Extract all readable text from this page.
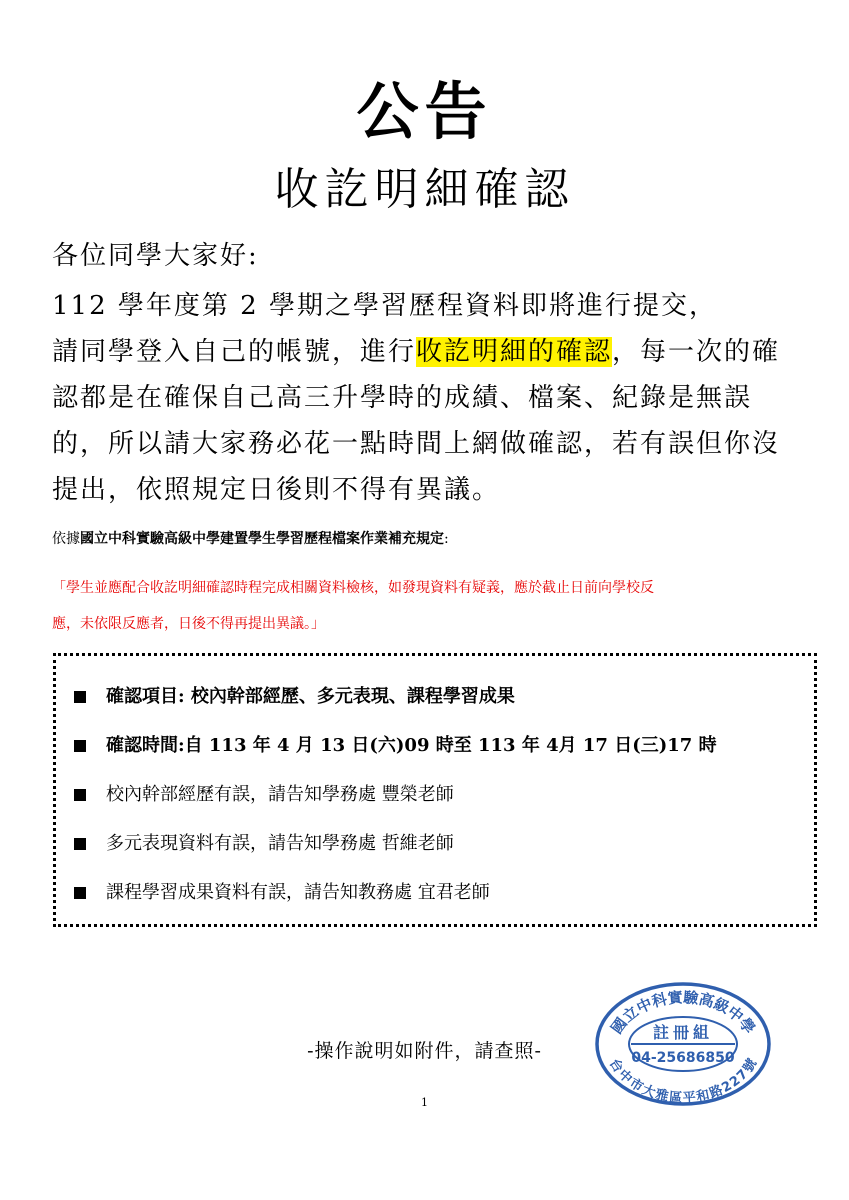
公告
收訖明細確認
各位同學大家好:

112 學年度第 2 學期之學習歷程資料即將進行提交，

請同學登入自己的帳號，進行收訖明細的確認，每一次的確

認都是在確保自己高三升學時的成績、檔案、紀錄是無誤

的，所以請大家務必花一點時間上網做確認，若有誤但你沒

提出，依照規定日後則不得有異議。

依據國立中科實驗高級中學建置學生學習歷程檔案作業補充規定:

「學生並應配合收訖明細確認時程完成相關資料檢核，如發現資料有疑義，應於截止日前向學校反

應，未依限反應者，日後不得再提出異議。」

確認項目: 校內幹部經歷、多元表現、課程學習成果
確認時間:自 113 年 4 月 13 日(六)09 時至 113 年 4月 17 日(三)17 時
校內幹部經歷有誤，請告知學務處 豐榮老師
多元表現資料有誤，請告知學務處 哲維老師
課程學習成果資料有誤，請告知教務處 宜君老師
-操作說明如附件，請查照-
1
國立中科實驗高級中學
台中市大雅區平和路227號
註冊組
04-25686850
